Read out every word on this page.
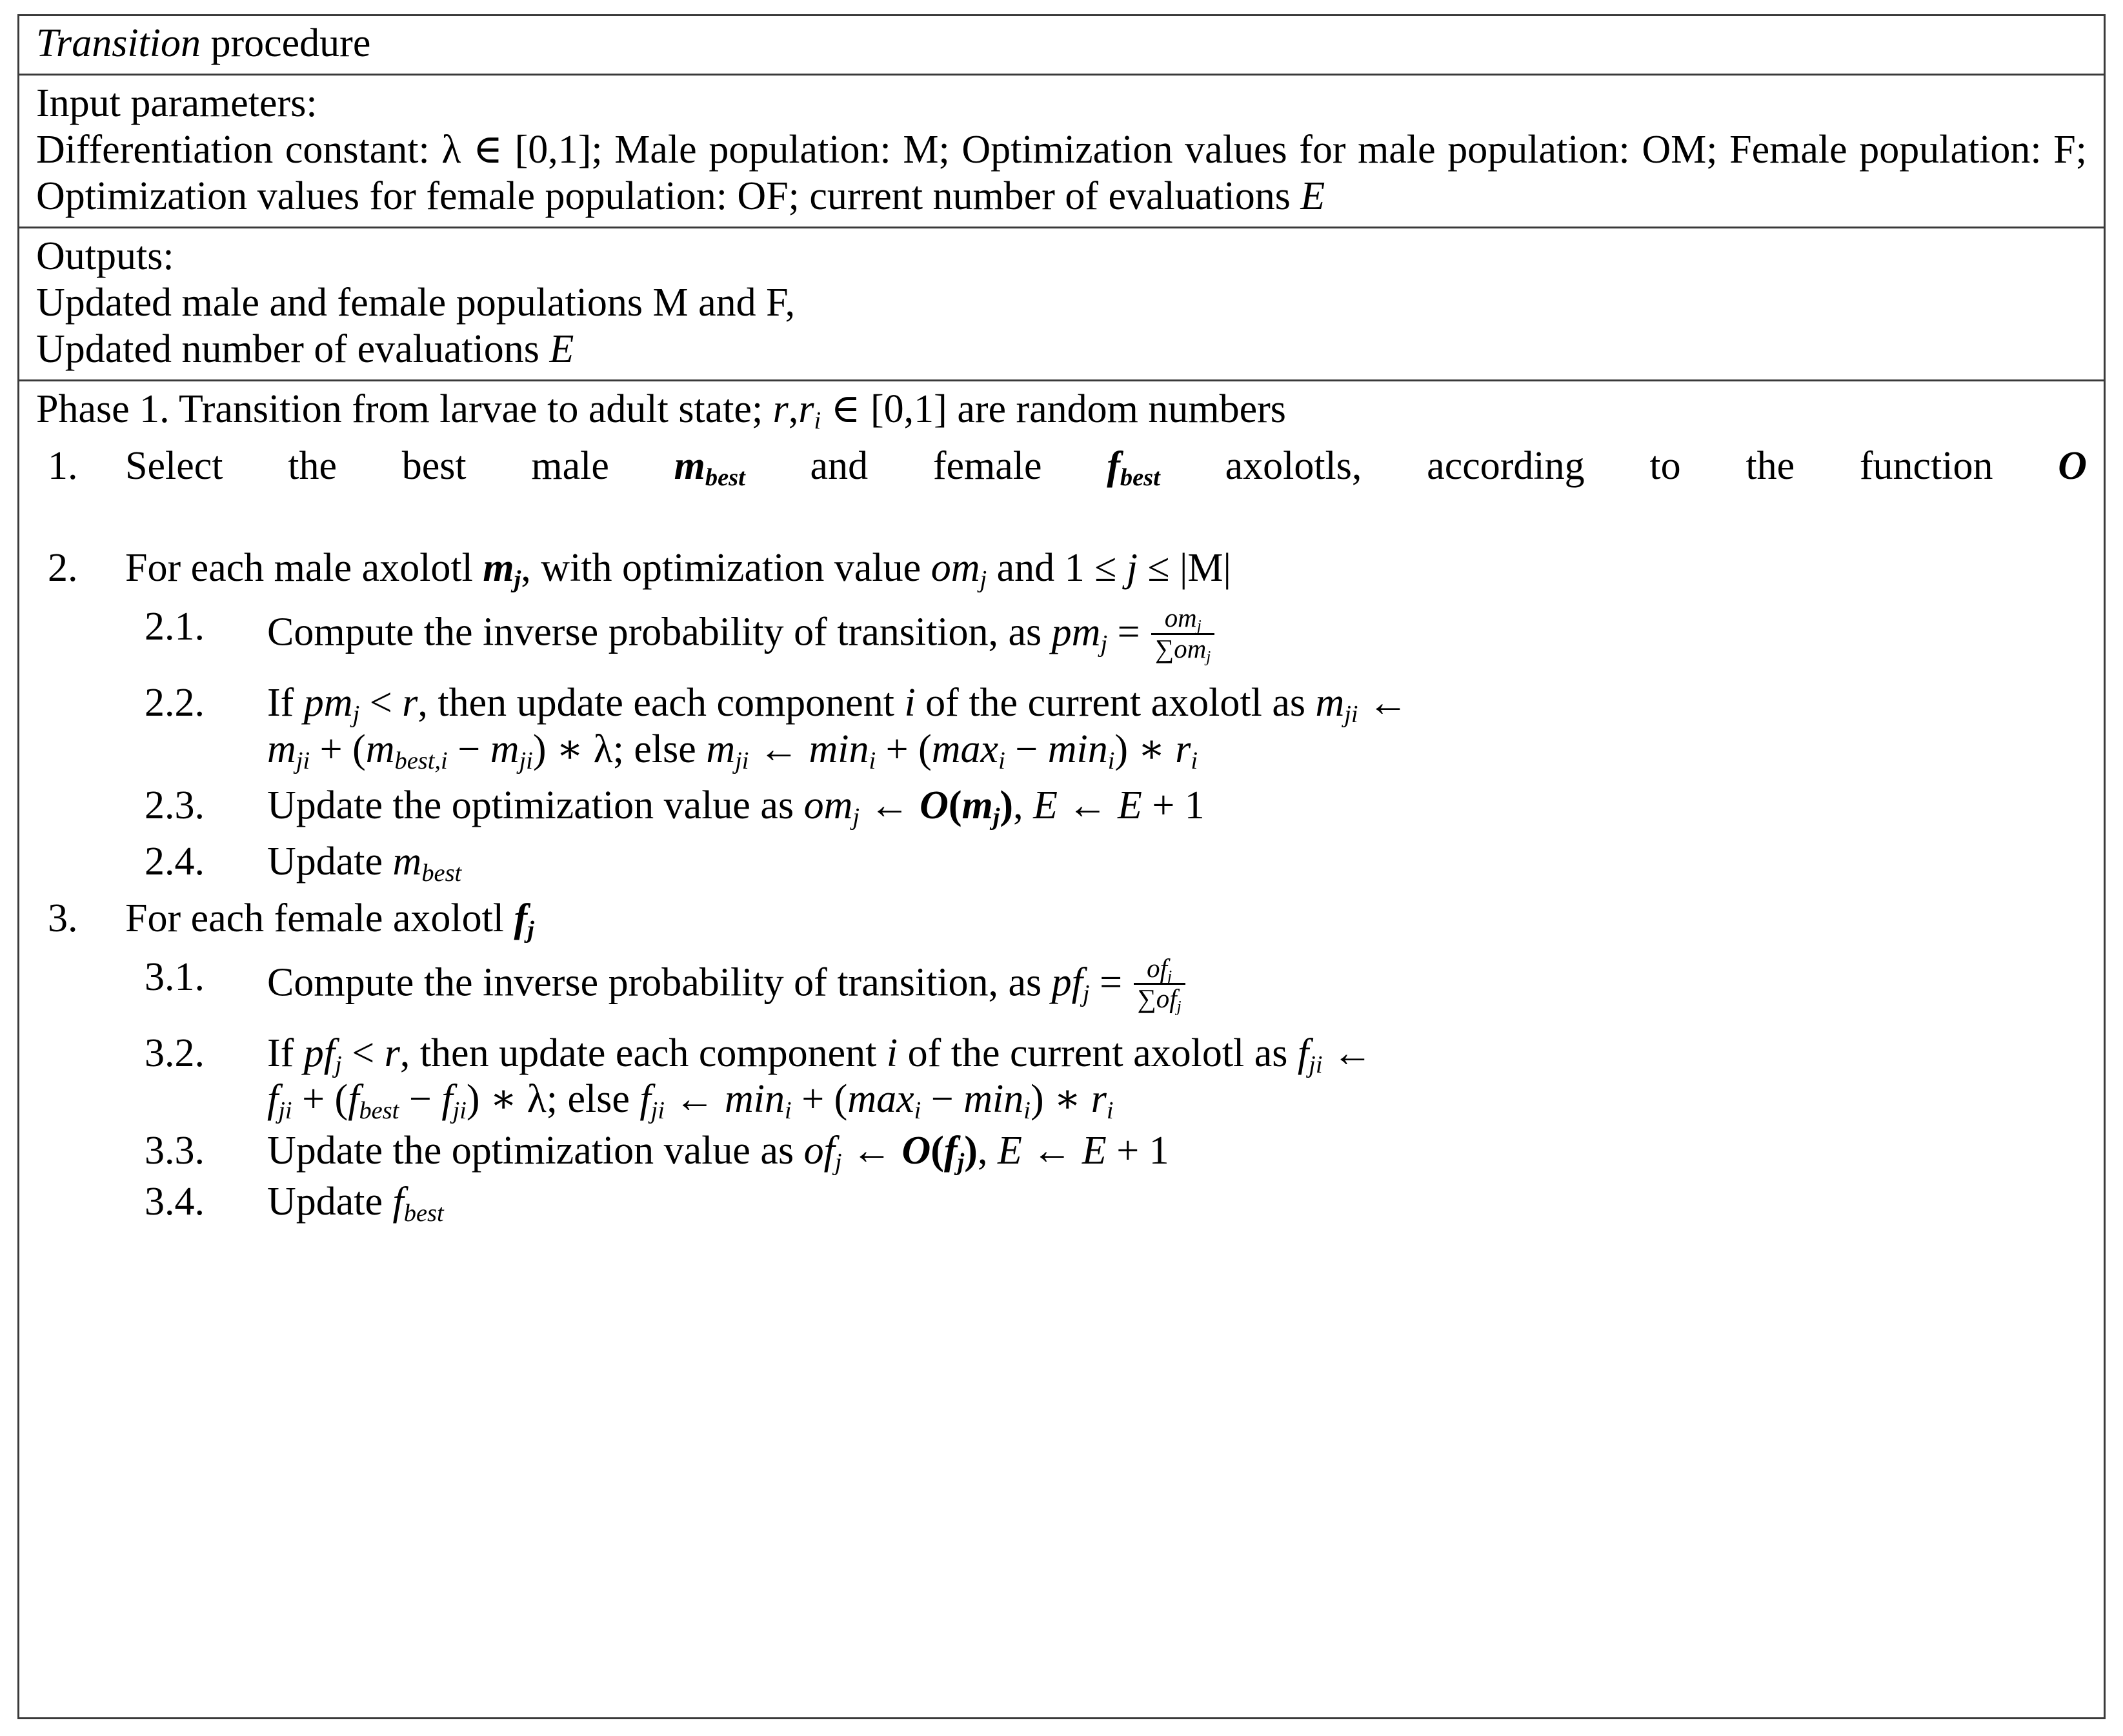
Transition procedure
Input parameters:
Differentiation constant: λ ∈ [0,1]; Male population: M; Optimization values for male population: OM; Female population: F; Optimization values for female population: OF; current number of evaluations E
Outputs:
Updated male and female populations M and F,
Updated number of evaluations E
Phase 1. Transition from larvae to adult state; $r,r_i$ ∈ [0,1] are random numbers
1.	Select the best male $m_{best}$ and female $f_{best}$ axolotls, according to the function O
2.	For each male axolotl $m_j$, with optimization value $om_j$ and 1 ≤ j ≤ |M|
2.1.	Compute the inverse probability of transition, as $pm_j = \frac{om_j}{\sum om_j}$
2.2.	If $pm_j < r$, then update each component i of the current axolotl as $m_{ji}$ ←
$m_{ji} + (m_{best,i} - m_{ji})$ ∗ λ; else $m_{ji}$ ← $\min_i + (\max_i - \min_i)$ ∗ $r_i$
2.3.	Update the optimization value as $om_j$ ← $O(m_j)$, E ← E + 1
2.4.	Update $m_{best}$
3.	For each female axolotl $f_j$
3.1.	Compute the inverse probability of transition, as $pf_j = \frac{of_j}{\sum of_j}$
3.2.	If $pf_j < r$, then update each component i of the current axolotl as $f_{ji}$ ←
$f_{ji} + (f_{best} - f_{ji})$ ∗ λ; else $f_{ji}$ ← $\min_i + (\max_i - \min_i)$ ∗ $r_i$
3.3.	Update the optimization value as $of_j$ ← $O(f_j)$, E ← E + 1
3.4.	Update $f_{best}$
